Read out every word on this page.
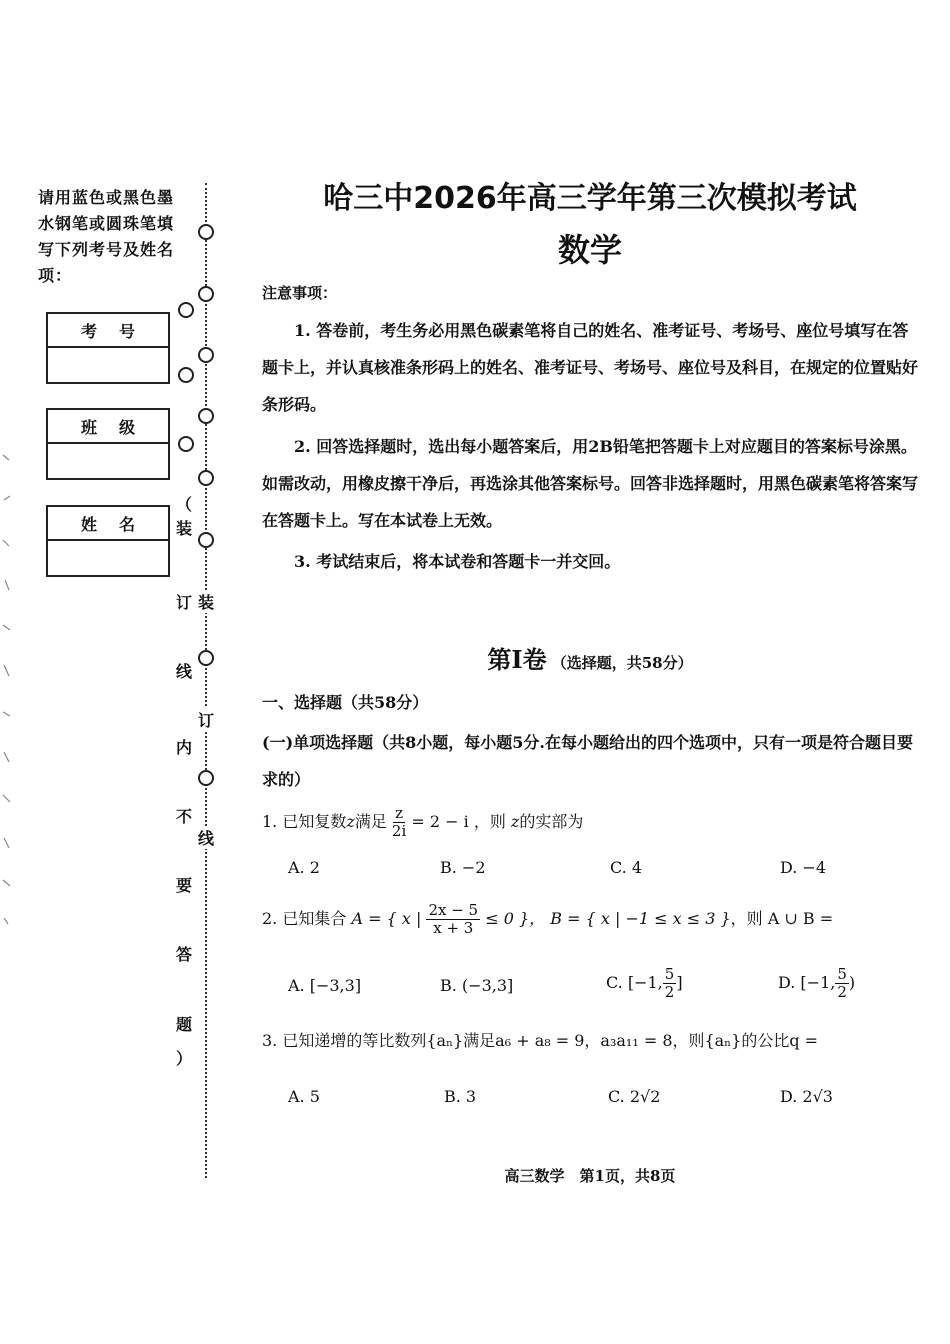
请用蓝色或黑色墨水钢笔或圆珠笔填写下列考号及姓名项：
考号
班级
姓名
（
装
订
线
内
不
要
答
题
）
装
订
线
哈三中2026年高三学年第三次模拟考试
数学
注意事项：
1. 答卷前，考生务必用黑色碳素笔将自己的姓名、准考证号、考场号、座位号填写在答题卡上，并认真核准条形码上的姓名、准考证号、考场号、座位号及科目，在规定的位置贴好条形码。
2. 回答选择题时，选出每小题答案后，用2B铅笔把答题卡上对应题目的答案标号涂黑。如需改动，用橡皮擦干净后，再选涂其他答案标号。回答非选择题时，用黑色碳素笔将答案写在答题卡上。写在本试卷上无效。
3. 考试结束后，将本试卷和答题卡一并交回。
第I卷 （选择题，共58分）
一、选择题（共58分）
(一)单项选择题（共8小题，每小题5分.在每小题给出的四个选项中，只有一项是符合题目要求的）
1. 已知复数z满足 $\frac{z}{2i} = 2 - i$ ，则 z的实部为
A. 2	B. −2	C. 4	D. −4
2. 已知集合 A = { x | $\frac{2x - 5}{x + 3} \le 0$ }， B = { x | −1 ≤ x ≤ 3 }，则 A ∪ B =
A. [−3,3]	B. (−3,3]	C. [−1, $\frac{5}{2}$ ]	D. [−1, $\frac{5}{2}$ )
3. 已知递增的等比数列{aₙ}满足a₆ + a₈ = 9，a₃a₁₁ = 8，则{aₙ}的公比q =
A. 5	B. 3	C. 2√2	D. 2√3
高三数学　第1页，共8页
